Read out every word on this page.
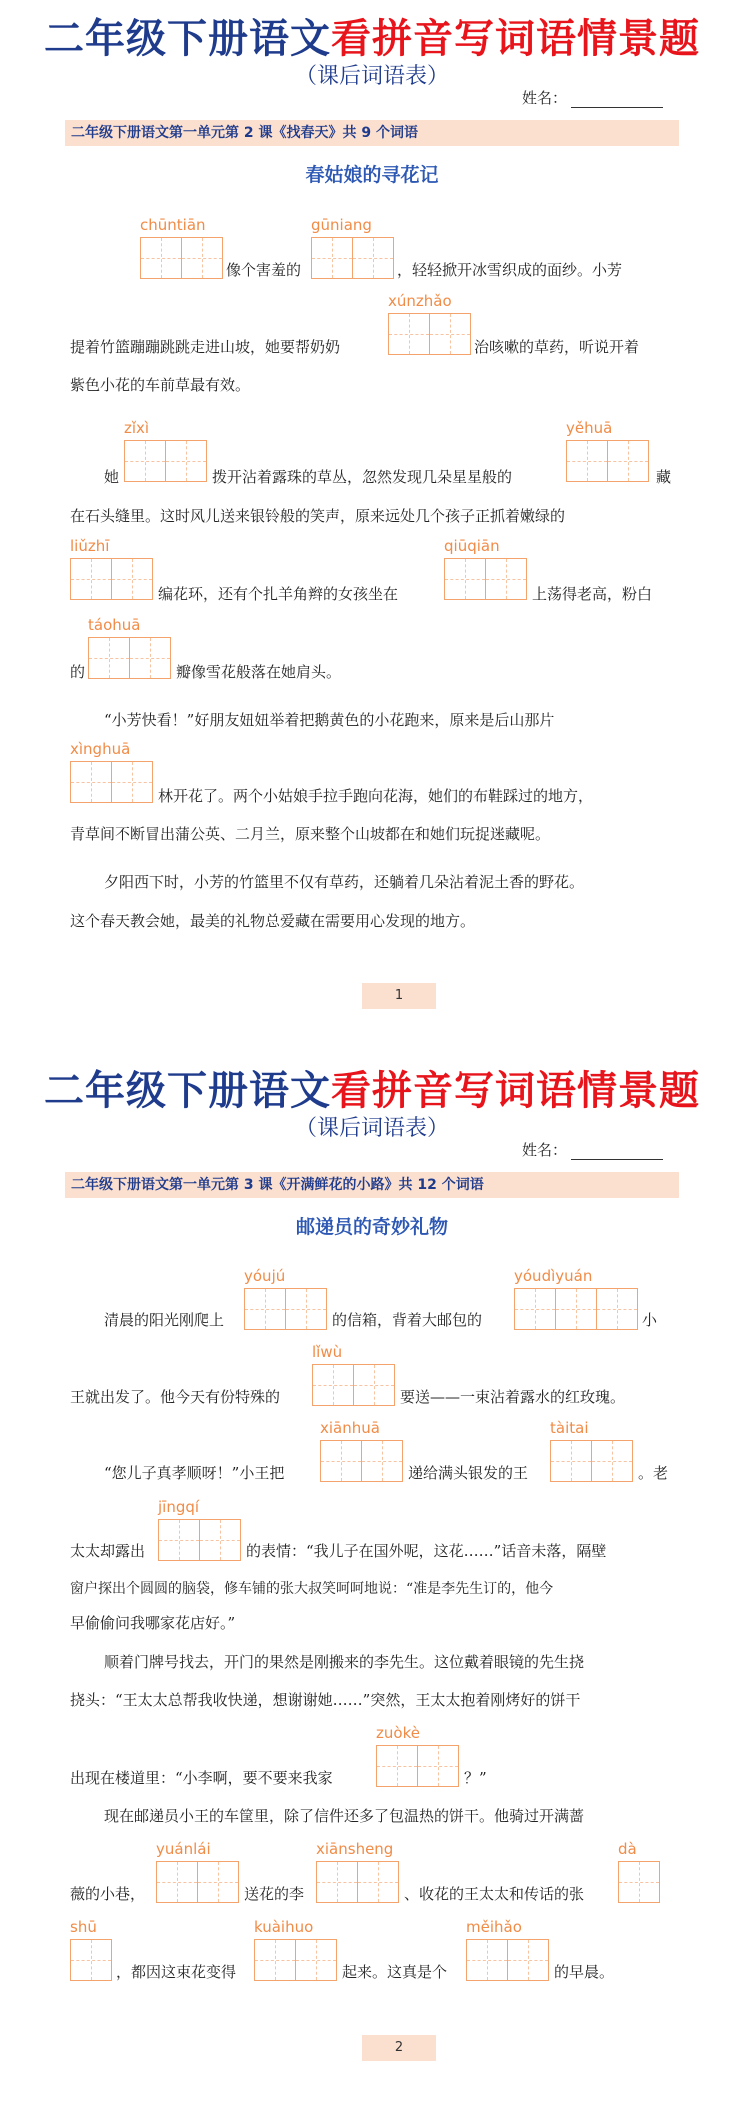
二年级下册语文看拼音写词语情景题
（课后词语表）
姓名：
二年级下册语文第一单元第 2 课《找春天》共 9 个词语
春姑娘的寻花记
chūn tiān
像个害羞的
gū niang
，轻轻掀开冰雪织成的面纱。小芳
提着竹篮蹦蹦跳跳走进山坡，她要帮奶奶
xún zhǎo
治咳嗽的草药，听说开着
紫色小花的车前草最有效。
她
zǐ xì
拨开沾着露珠的草丛，忽然发现几朵星星般的
yě huā
藏
在石头缝里。这时风儿送来银铃般的笑声，原来远处几个孩子正抓着嫩绿的
liǔ zhī
编花环，还有个扎羊角辫的女孩坐在
qiū qiān
上荡得老高，粉白
的
táo huā
瓣像雪花般落在她肩头。
“小芳快看！”好朋友妞妞举着把鹅黄色的小花跑来，原来是后山那片
xìng huā
林开花了。两个小姑娘手拉手跑向花海，她们的布鞋踩过的地方，
青草间不断冒出蒲公英、二月兰，原来整个山坡都在和她们玩捉迷藏呢。
夕阳西下时，小芳的竹篮里不仅有草药，还躺着几朵沾着泥土香的野花。
这个春天教会她，最美的礼物总爱藏在需要用心发现的地方。
1
二年级下册语文看拼音写词语情景题
（课后词语表）
姓名：
二年级下册语文第一单元第 3 课《开满鲜花的小路》共 12 个词语
邮递员的奇妙礼物
清晨的阳光刚爬上
yóu jú
的信箱，背着大邮包的
yóu dì yuán
小
王就出发了。他今天有份特殊的
lǐ wù
要送——一束沾着露水的红玫瑰。
“您儿子真孝顺呀！”小王把
xiān huā
递给满头银发的王
tài tai
。老
太太却露出
jīng qí
的表情：“我儿子在国外呢，这花……”话音未落，隔壁
窗户探出个圆圆的脑袋，修车铺的张大叔笑呵呵地说：“准是李先生订的，他今
早偷偷问我哪家花店好。”
顺着门牌号找去，开门的果然是刚搬来的李先生。这位戴着眼镜的先生挠
挠头：“王太太总帮我收快递，想谢谢她……”突然，王太太抱着刚烤好的饼干
出现在楼道里：“小李啊，要不要来我家
zuò kè
？”
现在邮递员小王的车筐里，除了信件还多了包温热的饼干。他骑过开满蔷
薇的小巷，
yuán lái
送花的李
xiān sheng
、收花的王太太和传话的张
dà
shū
，都因这束花变得
kuài huo
起来。这真是个
měi hǎo
的早晨。
2
